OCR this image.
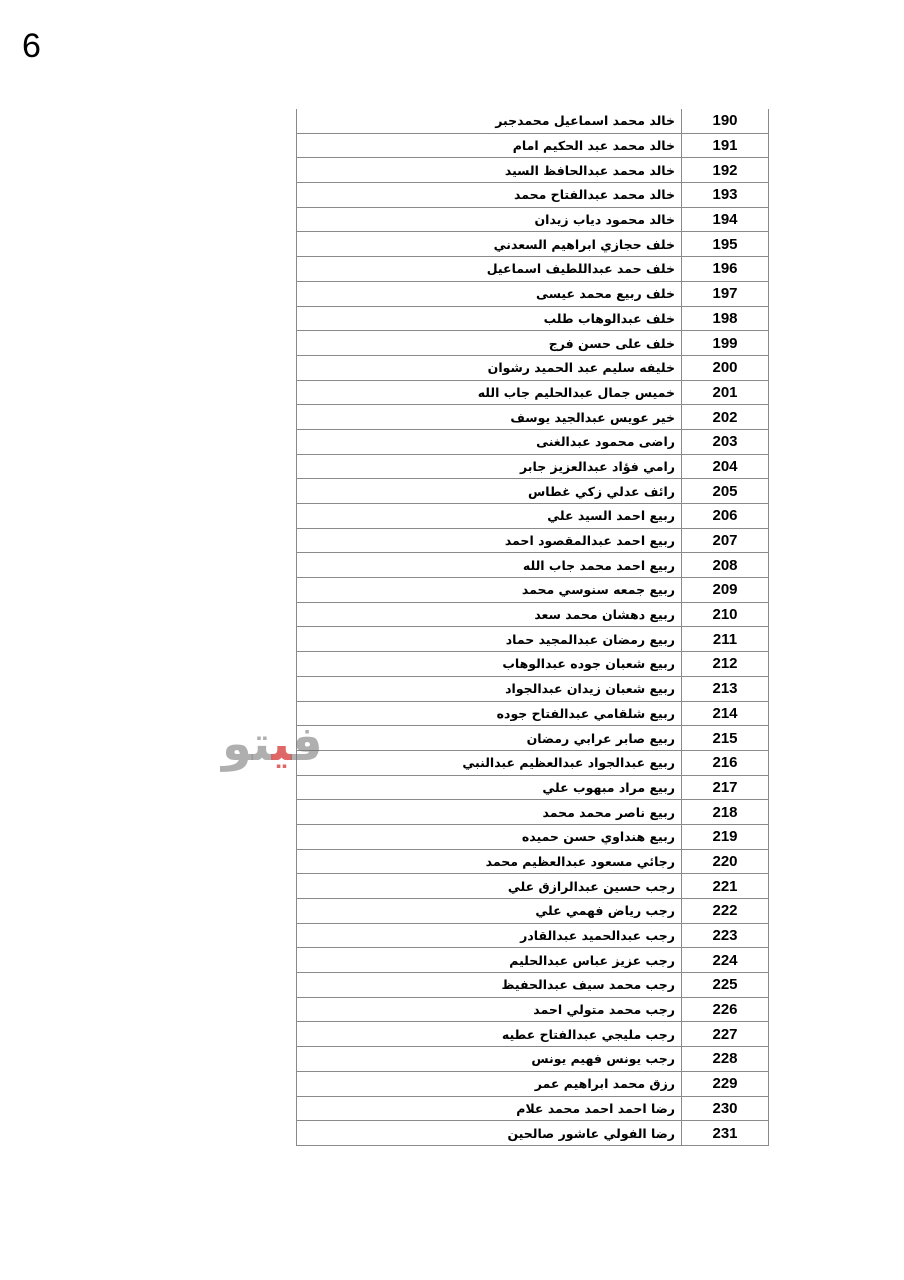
6
190	خالد محمد اسماعيل محمدجبر
191	خالد محمد عبد الحكيم امام
192	خالد محمد عبدالحافظ السيد
193	خالد محمد عبدالفتاح محمد
194	خالد محمود دياب زيدان
195	خلف حجازي ابراهيم السعدني
196	خلف حمد عبداللطيف اسماعيل
197	خلف ربيع محمد عيسى
198	خلف عبدالوهاب طلب
199	خلف على حسن فرج
200	خليفه سليم عبد الحميد رشوان
201	خميس جمال عبدالحليم جاب الله
202	خير عويس عبدالجيد يوسف
203	راضى محمود عبدالغنى
204	رامي فؤاد عبدالعزيز جابر
205	رائف عدلي زكي غطاس
206	ربيع احمد السيد علي
207	ربيع احمد عبدالمقصود احمد
208	ربيع احمد محمد جاب الله
209	ربيع جمعه سنوسي محمد
210	ربيع دهشان محمد سعد
211	ربيع رمضان عبدالمجيد حماد
212	ربيع شعبان جوده عبدالوهاب
213	ربيع شعبان زيدان عبدالجواد
214	ربيع شلقامي عبدالفتاح جوده
215	ربيع صابر عرابي رمضان
216	ربيع عبدالجواد عبدالعظيم عبدالنبي
217	ربيع مراد مبهوب علي
218	ربيع ناصر محمد محمد
219	ربيع هنداوي حسن حميده
220	رجائي مسعود عبدالعظيم محمد
221	رجب حسين عبدالرازق علي
222	رجب رياض فهمي علي
223	رجب عبدالحميد عبدالقادر
224	رجب عزيز عباس عبدالحليم
225	رجب محمد سيف عبدالحفيظ
226	رجب محمد متولي احمد
227	رجب مليجي عبدالفتاح عطيه
228	رجب يونس فهيم يونس
229	رزق محمد ابراهيم عمر
230	رضا احمد احمد محمد علام
231	رضا الفولي عاشور صالحين
فيتو
